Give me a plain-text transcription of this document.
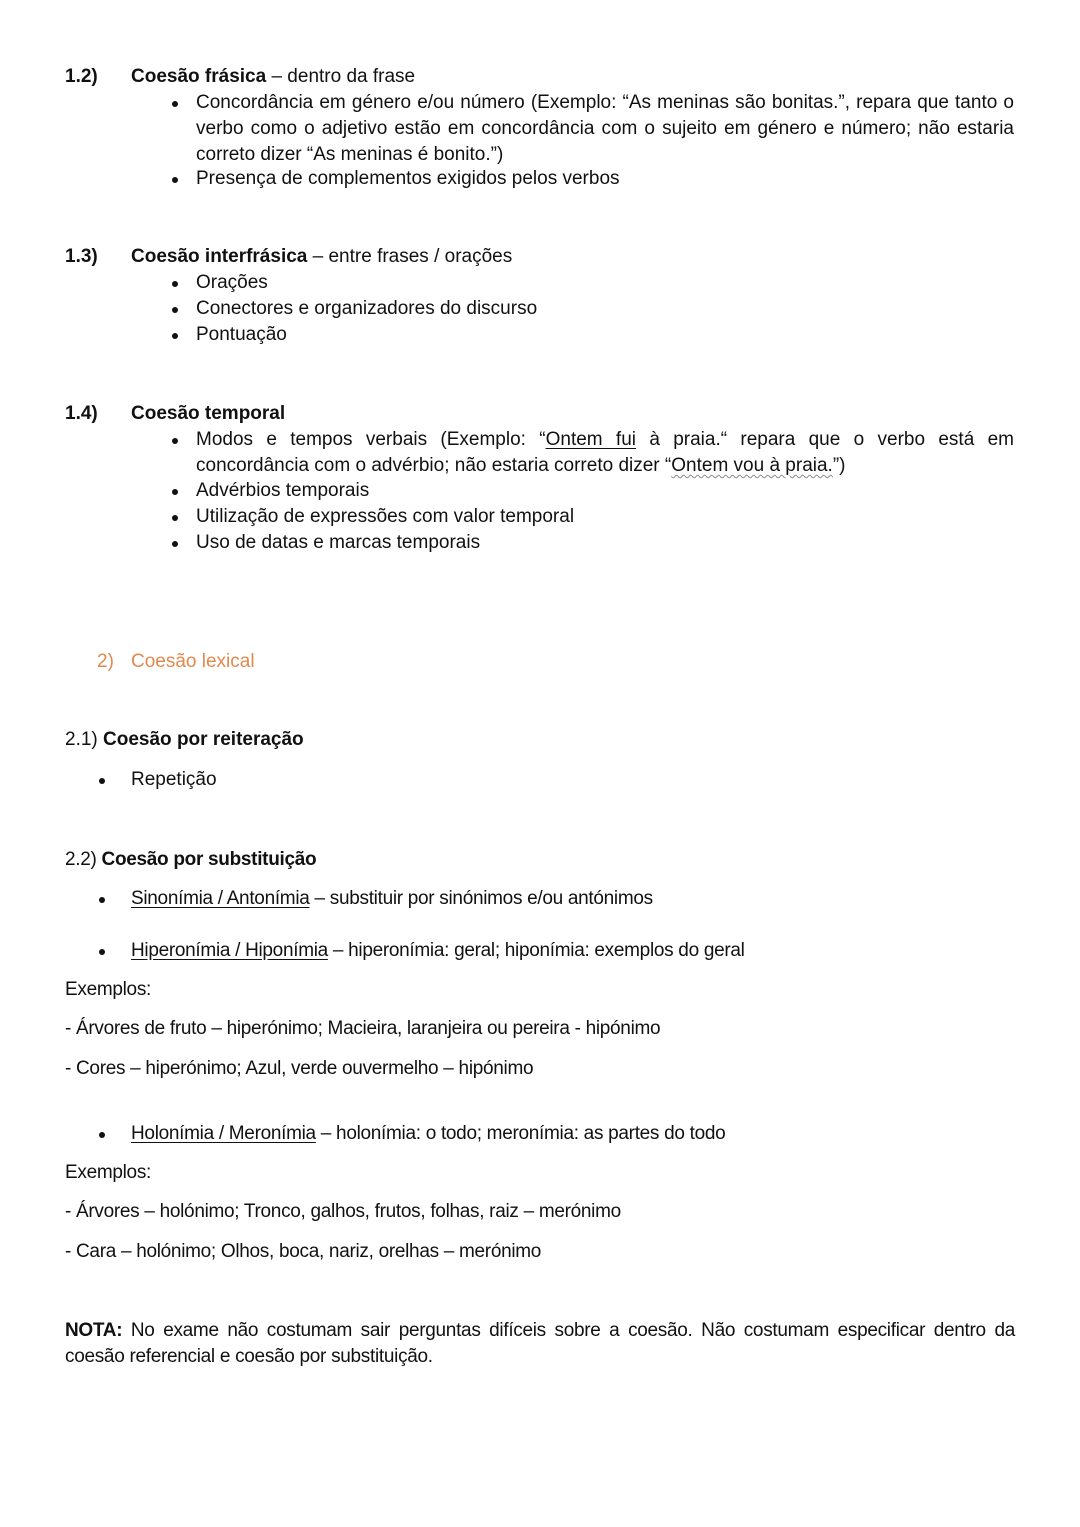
1.2) Coesão frásica – dentro da frase
Concordância em género e/ou número (Exemplo: “As meninas são bonitas.”, repara que tanto o verbo como o adjetivo estão em concordância com o sujeito em género e número; não estaria correto dizer “As meninas é bonito.”)
Presença de complementos exigidos pelos verbos
1.3) Coesão interfrásica – entre frases / orações
Orações
Conectores e organizadores do discurso
Pontuação
1.4) Coesão temporal
Modos e tempos verbais (Exemplo: “Ontem fui à praia.“ repara que o verbo está em concordância com o advérbio; não estaria correto dizer “Ontem vou à praia.”)
Advérbios temporais
Utilização de expressões com valor temporal
Uso de datas e marcas temporais
2) Coesão lexical
2.1) Coesão por reiteração
Repetição
2.2) Coesão por substituição
Sinonímia / Antonímia – substituir por sinónimos e/ou antónimos
Hiperonímia / Hiponímia – hiperonímia: geral; hiponímia: exemplos do geral
Exemplos:
- Árvores de fruto – hiperónimo; Macieira, laranjeira ou pereira - hipónimo
- Cores – hiperónimo; Azul, verde ouvermelho – hipónimo
Holonímia / Meronímia – holonímia: o todo; meronímia: as partes do todo
Exemplos:
- Árvores – holónimo; Tronco, galhos, frutos, folhas, raiz – merónimo
- Cara – holónimo; Olhos, boca, nariz, orelhas – merónimo
NOTA: No exame não costumam sair perguntas difíceis sobre a coesão. Não costumam especificar dentro da coesão referencial e coesão por substituição.
